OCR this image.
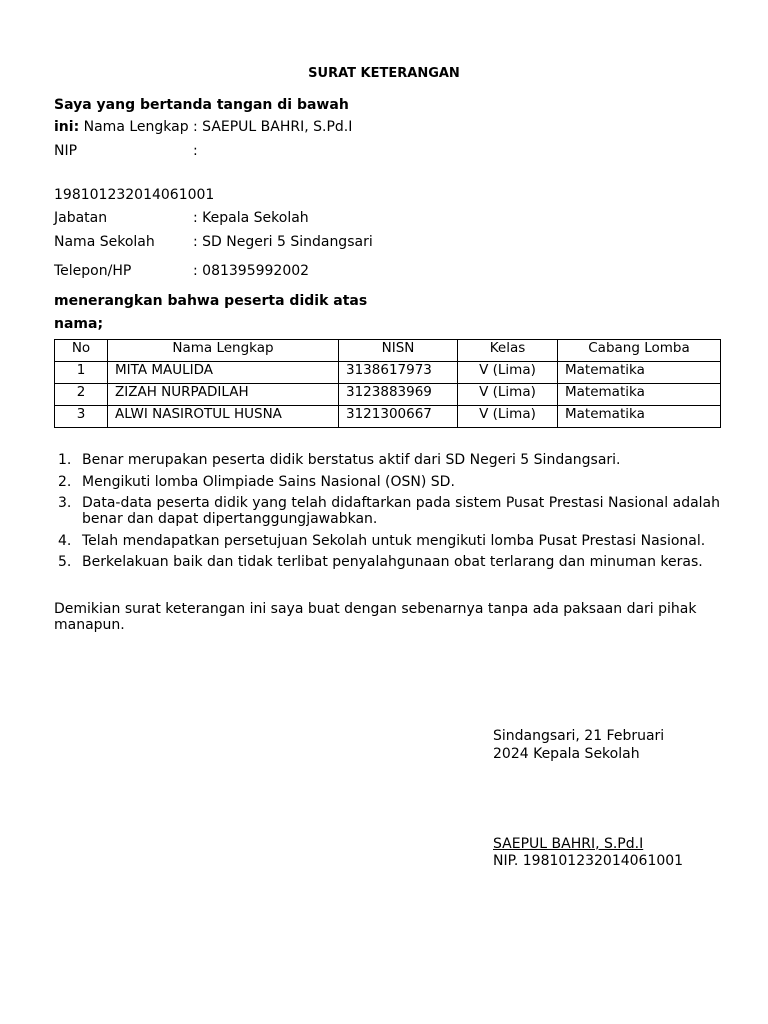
SURAT KETERANGAN
Saya yang bertanda tangan di bawah
ini: Nama Lengkap : SAEPUL BAHRI, S.Pd.I
NIP	:
198101232014061001
Jabatan	: Kepala Sekolah
Nama Sekolah	: SD Negeri 5 Sindangsari
Telepon/HP	: 081395992002
menerangkan bahwa peserta didik atas
nama;
No	Nama Lengkap	NISN	Kelas	Cabang Lomba
1	MITA MAULIDA	3138617973	V (Lima)	Matematika
2	ZIZAH NURPADILAH	3123883969	V (Lima)	Matematika
3	ALWI NASIROTUL HUSNA	3121300667	V (Lima)	Matematika
1. Benar merupakan peserta didik berstatus aktif dari SD Negeri 5 Sindangsari.
2. Mengikuti lomba Olimpiade Sains Nasional (OSN) SD.
3. Data-data peserta didik yang telah didaftarkan pada sistem Pusat Prestasi Nasional adalah benar dan dapat dipertanggungjawabkan.
4. Telah mendapatkan persetujuan Sekolah untuk mengikuti lomba Pusat Prestasi Nasional.
5. Berkelakuan baik dan tidak terlibat penyalahgunaan obat terlarang dan minuman keras.
Demikian surat keterangan ini saya buat dengan sebenarnya tanpa ada paksaan dari pihak manapun.
Sindangsari, 21 Februari
2024 Kepala Sekolah
SAEPUL BAHRI, S.Pd.I
NIP. 198101232014061001
